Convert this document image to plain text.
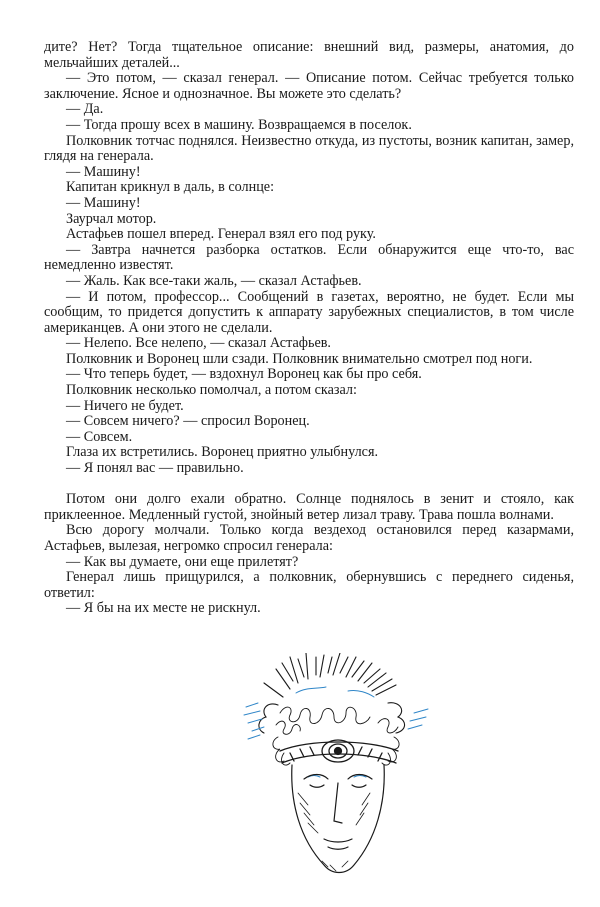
дите? Нет? Тогда тщательное описание: внешний вид, размеры, анатомия, до мельчайших деталей...

— Это потом, — сказал генерал. — Описание потом. Сейчас требуется только заключение. Ясное и однозначное. Вы можете это сделать?

— Да.

— Тогда прошу всех в машину. Возвращаемся в поселок.

Полковник тотчас поднялся. Неизвестно откуда, из пустоты, возник капитан, замер, глядя на генерала.

— Машину!

Капитан крикнул в даль, в солнце:

— Машину!

Заурчал мотор.

Астафьев пошел вперед. Генерал взял его под руку.

— Завтра начнется разборка остатков. Если обнаружится еще что-то, вас немедленно известят.

— Жаль. Как все-таки жаль, — сказал Астафьев.

— И потом, профессор... Сообщений в газетах, вероятно, не будет. Если мы сообщим, то придется допустить к аппарату зарубежных специалистов, в том числе американцев. А они этого не сделали.

— Нелепо. Все нелепо, — сказал Астафьев.

Полковник и Воронец шли сзади. Полковник внимательно смотрел под ноги.

— Что теперь будет, — вздохнул Воронец как бы про себя.

Полковник несколько помолчал, а потом сказал:

— Ничего не будет.

— Совсем ничего? — спросил Воронец.

— Совсем.

Глаза их встретились. Воронец приятно улыбнулся.

— Я понял вас — правильно.

Потом они долго ехали обратно. Солнце поднялось в зенит и стояло, как приклеенное. Медленный густой, знойный ветер лизал траву. Трава пошла волнами.

Всю дорогу молчали. Только когда вездеход остановился перед казармами, Астафьев, вылезая, негромко спросил генерала:

— Как вы думаете, они еще прилетят?

Генерал лишь прищурился, а полковник, обернувшись с переднего сиденья, ответил:

— Я бы на их месте не рискнул.
